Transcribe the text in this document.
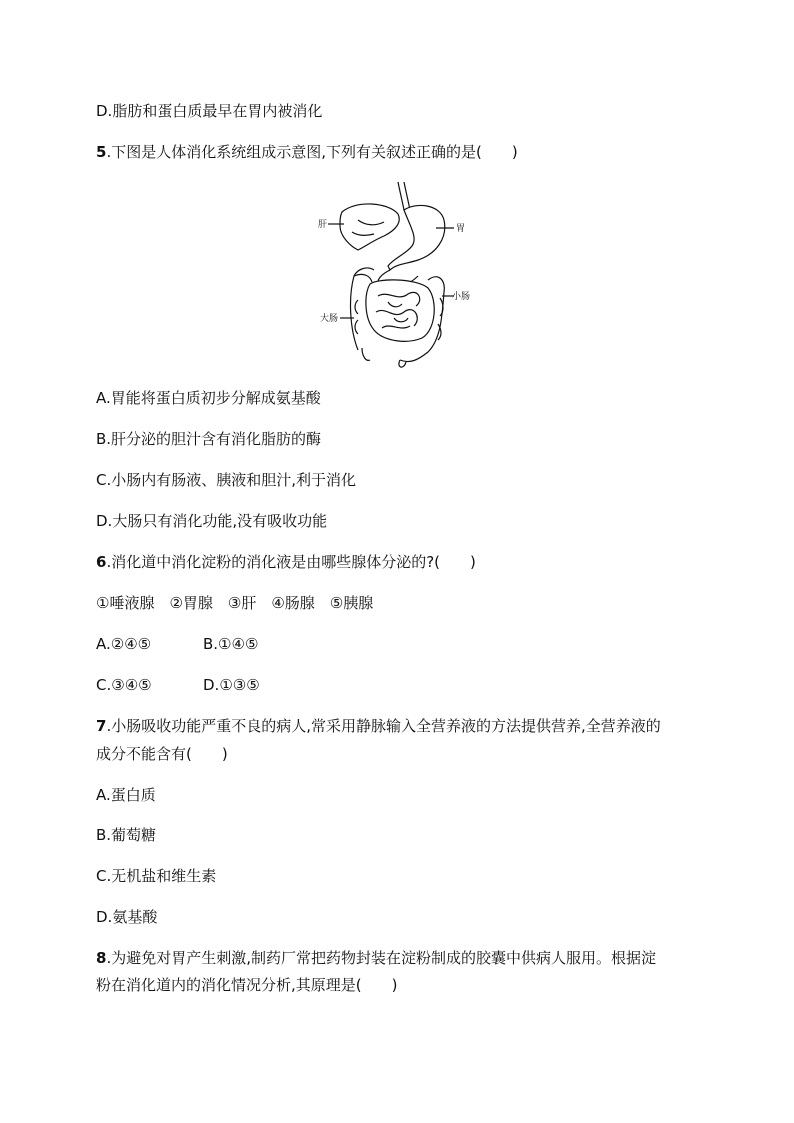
D.脂肪和蛋白质最早在胃内被消化
5.下图是人体消化系统组成示意图,下列有关叙述正确的是(　　)
肝	胃
小肠
大肠
A.胃能将蛋白质初步分解成氨基酸
B.肝分泌的胆汁含有消化脂肪的酶
C.小肠内有肠液、胰液和胆汁,利于消化
D.大肠只有消化功能,没有吸收功能
6.消化道中消化淀粉的消化液是由哪些腺体分泌的?(　　)
①唾液腺　②胃腺　③肝　④肠腺　⑤胰腺
A.②④⑤	B.①④⑤
C.③④⑤	D.①③⑤
7.小肠吸收功能严重不良的病人,常采用静脉输入全营养液的方法提供营养,全营养液的
成分不能含有(　　)
A.蛋白质
B.葡萄糖
C.无机盐和维生素
D.氨基酸
8.为避免对胃产生刺激,制药厂常把药物封装在淀粉制成的胶囊中供病人服用。根据淀
粉在消化道内的消化情况分析,其原理是(　　)
